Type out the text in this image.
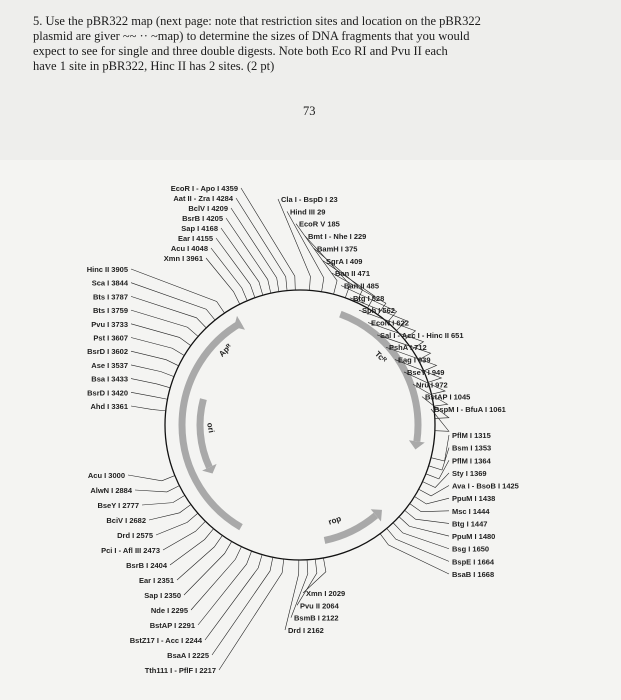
5. Use the pBR322 map (next page: note that restriction sites and location on the pBR322
plasmid are giver ~~ ·· ~map) to determine the sizes of DNA fragments that you would
expect to see for single and three double digests. Note both Eco RI and Pvu II each
have 1 site in pBR322, Hinc II has 2 sites. (2 pt)
73
Apᴿ	Tcᴿ
ori
rop
EcoR I - Apo I 4359
Aat II - Zra I 4284
BclV I 4209
BsrB I 4205
Sap I 4168
Ear I 4155
Acu I 4048
Xmn I 3961
Hinc II 3905
Sca I 3844
Bts I 3787
Bts I 3759
Pvu I 3733
Pst I 3607
BsrD I 3602
Ase I 3537
Bsa I 3433
BsrD I 3420
Ahd I 3361
Acu I 3000
AlwN I 2884
BseY I 2777
BciV I 2682
Drd I 2575
Pci I - Afl III 2473
BsrB I 2404
Ear I 2351
Sap I 2350
Nde I 2295
BstAP I 2291
BstZ17 I - Acc I 2244
BsaA I 2225
Tth111 I - PflF I 2217
Cla I - BspD I 23
Hind III 29
EcoR V 185
Bmt I - Nhe I 229
BamH I 375
SgrA I 409
Ban II 471
Ban II 485
Btg I 528
Sph I 562
EcoN I 622
Sal I - Acc I - Hinc II 651
PshA I 712
Eag I 939
BseY I 949
Nru I 972
BstAP I 1045
BspM I - BfuA I 1061
PflM I 1315
Bsm I 1353
PflM I 1364
Sty I 1369
Ava I - BsoB I 1425
PpuM I 1438
Msc I 1444
Btg I 1447
PpuM I 1480
Bsg I 1650
BspE I 1664
BsaB I 1668
Xmn I 2029
Pvu II 2064
BsmB I 2122
Drd I 2162
